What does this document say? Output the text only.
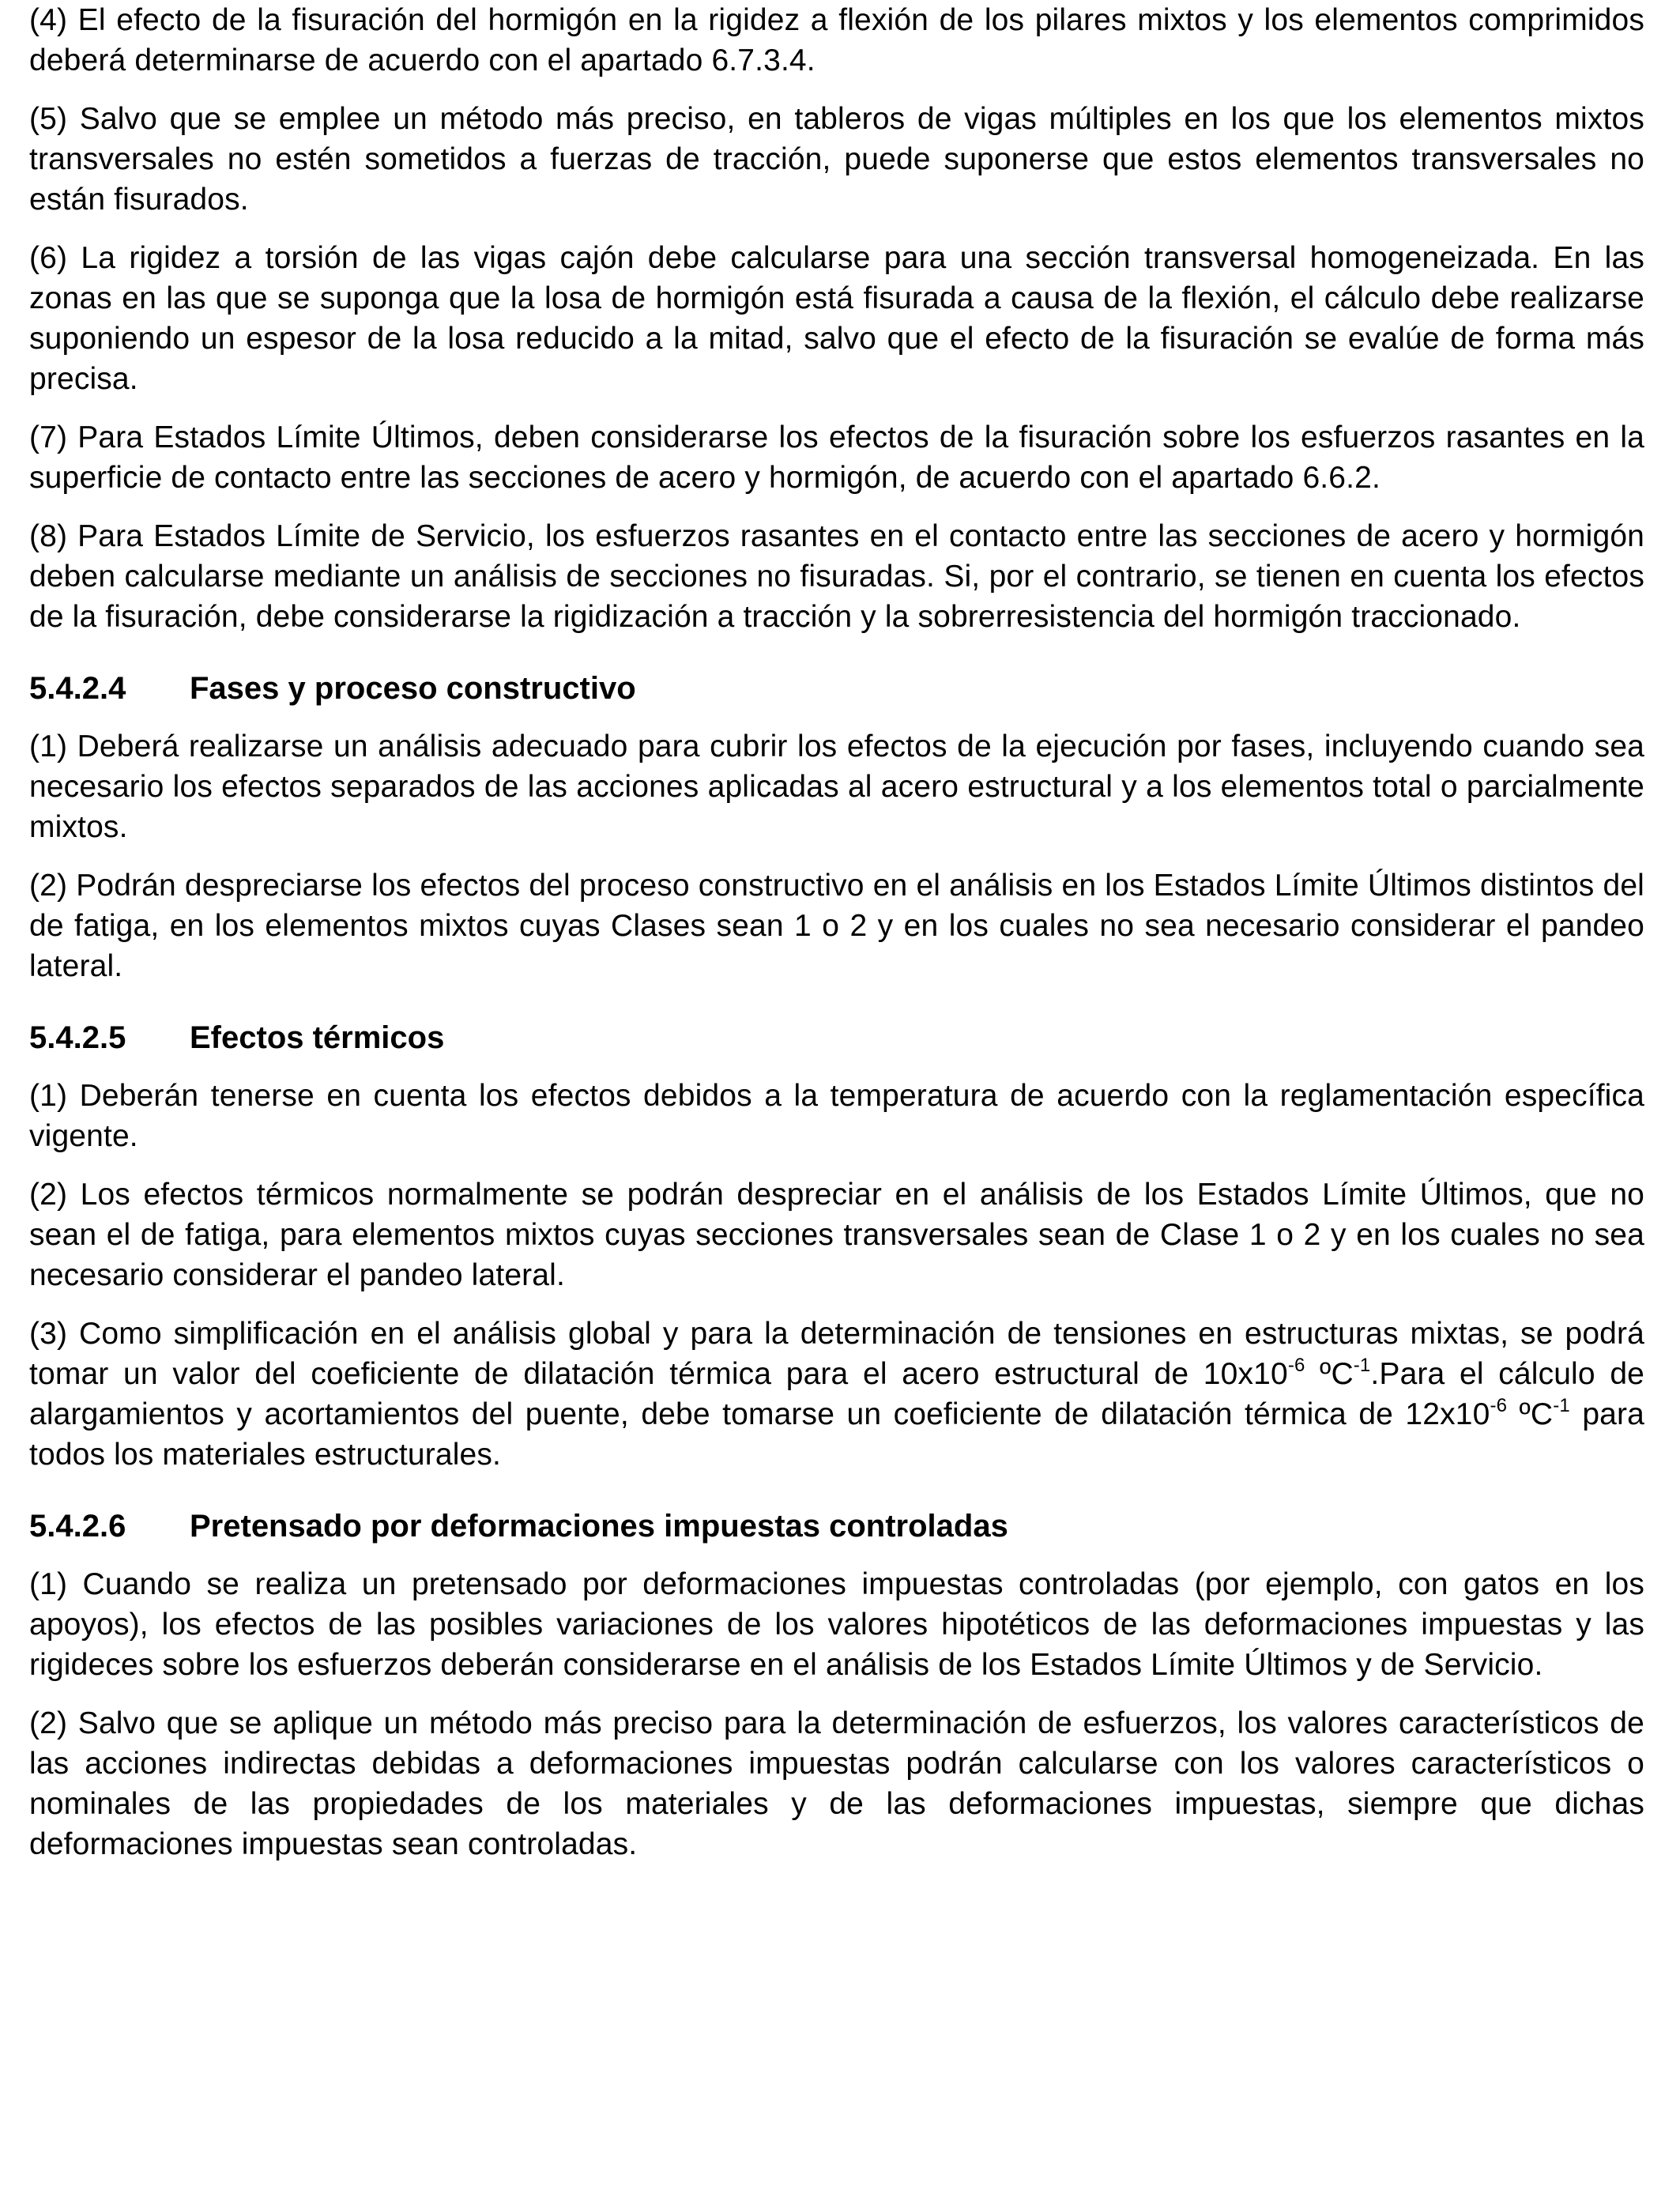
(4) El efecto de la fisuración del hormigón en la rigidez a flexión de los pilares mixtos y los elementos comprimidos deberá determinarse de acuerdo con el apartado 6.7.3.4.

(5) Salvo que se emplee un método más preciso, en tableros de vigas múltiples en los que los elementos mixtos transversales no estén sometidos a fuerzas de tracción, puede suponerse que estos elementos transversales no están fisurados.

(6) La rigidez a torsión de las vigas cajón debe calcularse para una sección transversal homogeneizada. En las zonas en las que se suponga que la losa de hormigón está fisurada a causa de la flexión, el cálculo debe realizarse suponiendo un espesor de la losa reducido a la mitad, salvo que el efecto de la fisuración se evalúe de forma más precisa.

(7) Para Estados Límite Últimos, deben considerarse los efectos de la fisuración sobre los esfuerzos rasantes en la superficie de contacto entre las secciones de acero y hormigón, de acuerdo con el apartado 6.6.2.

(8) Para Estados Límite de Servicio, los esfuerzos rasantes en el contacto entre las secciones de acero y hormigón deben calcularse mediante un análisis de secciones no fisuradas. Si, por el contrario, se tienen en cuenta los efectos de la fisuración, debe considerarse la rigidización a tracción y la sobrerresistencia del hormigón traccionado.

5.4.2.4	Fases y proceso constructivo

(1) Deberá realizarse un análisis adecuado para cubrir los efectos de la ejecución por fases, incluyendo cuando sea necesario los efectos separados de las acciones aplicadas al acero estructural y a los elementos total o parcialmente mixtos.

(2) Podrán despreciarse los efectos del proceso constructivo en el análisis en los Estados Límite Últimos distintos del de fatiga, en los elementos mixtos cuyas Clases sean 1 o 2 y en los cuales no sea necesario considerar el pandeo lateral.

5.4.2.5	Efectos térmicos

(1) Deberán tenerse en cuenta los efectos debidos a la temperatura de acuerdo con la reglamentación específica vigente.

(2) Los efectos térmicos normalmente se podrán despreciar en el análisis de los Estados Límite Últimos, que no sean el de fatiga, para elementos mixtos cuyas secciones transversales sean de Clase 1 o 2 y en los cuales no sea necesario considerar el pandeo lateral.

(3) Como simplificación en el análisis global y para la determinación de tensiones en estructuras mixtas, se podrá tomar un valor del coeficiente de dilatación térmica para el acero estructural de $10x10^{-6}$ ºC$^{-1}$.Para el cálculo de alargamientos y acortamientos del puente, debe tomarse un coeficiente de dilatación térmica de $12x10^{-6}$ ºC$^{-1}$ para todos los materiales estructurales.

5.4.2.6	Pretensado por deformaciones impuestas controladas

(1) Cuando se realiza un pretensado por deformaciones impuestas controladas (por ejemplo, con gatos en los apoyos), los efectos de las posibles variaciones de los valores hipotéticos de las deformaciones impuestas y las rigideces sobre los esfuerzos deberán considerarse en el análisis de los Estados Límite Últimos y de Servicio.

(2) Salvo que se aplique un método más preciso para la determinación de esfuerzos, los valores característicos de las acciones indirectas debidas a deformaciones impuestas podrán calcularse con los valores característicos o nominales de las propiedades de los materiales y de las deformaciones impuestas, siempre que dichas deformaciones impuestas sean controladas.
